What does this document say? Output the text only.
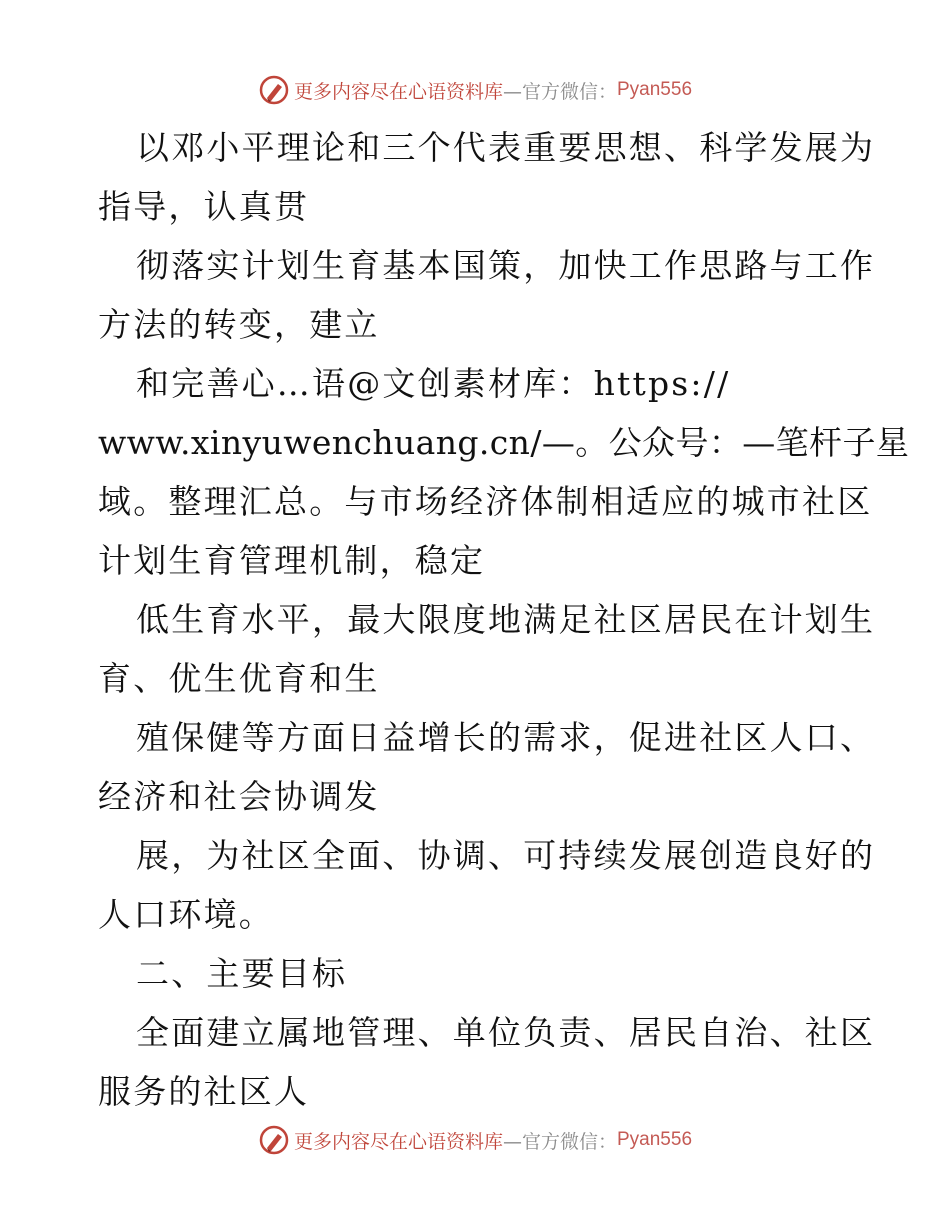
更多内容尽在心语资料库 —官方微信： Pyan556
以邓小平理论和三个代表重要思想、科学发展为
指导，认真贯
彻落实计划生育基本国策，加快工作思路与工作
方法的转变，建立
和完善心…语@文创素材库：https://
www.xinyuwenchuang.cn/—。公众号：—笔杆子星
域。整理汇总。与市场经济体制相适应的城市社区
计划生育管理机制，稳定
低生育水平，最大限度地满足社区居民在计划生
育、优生优育和生
殖保健等方面日益增长的需求，促进社区人口、
经济和社会协调发
展，为社区全面、协调、可持续发展创造良好的
人口环境。
二、主要目标
全面建立属地管理、单位负责、居民自治、社区
服务的社区人
更多内容尽在心语资料库 —官方微信： Pyan556
